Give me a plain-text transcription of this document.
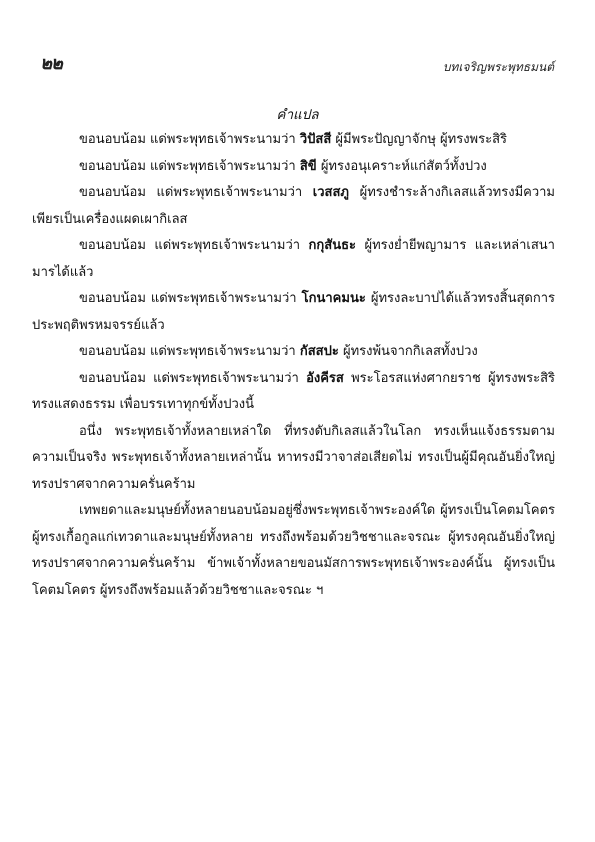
๒๒	บทเจริญพระพุทธมนต์
คำแปล

ขอนอบน้อม แด่พระพุทธเจ้าพระนามว่า วิปัสสี ผู้มีพระปัญญาจักษุ ผู้ทรงพระสิริ

ขอนอบน้อม แด่พระพุทธเจ้าพระนามว่า สิขี ผู้ทรงอนุเคราะห์แก่สัตว์ทั้งปวง

ขอนอบน้อม แด่พระพุทธเจ้าพระนามว่า เวสสภู ผู้ทรงชำระล้างกิเลสแล้วทรงมีความเพียรเป็นเครื่องแผดเผากิเลส

ขอนอบน้อม แด่พระพุทธเจ้าพระนามว่า กกุสันธะ ผู้ทรงย่ำยีพญามาร และเหล่าเสนามารได้แล้ว

ขอนอบน้อม แด่พระพุทธเจ้าพระนามว่า โกนาคมนะ ผู้ทรงละบาปได้แล้วทรงสิ้นสุดการประพฤติพรหมจรรย์แล้ว

ขอนอบน้อม แด่พระพุทธเจ้าพระนามว่า กัสสปะ ผู้ทรงพ้นจากกิเลสทั้งปวง

ขอนอบน้อม แด่พระพุทธเจ้าพระนามว่า อังคีรส พระโอรสแห่งศากยราช ผู้ทรงพระสิริ ทรงแสดงธรรม เพื่อบรรเทาทุกข์ทั้งปวงนี้

อนึ่ง พระพุทธเจ้าทั้งหลายเหล่าใด ที่ทรงดับกิเลสแล้วในโลก ทรงเห็นแจ้งธรรมตามความเป็นจริง พระพุทธเจ้าทั้งหลายเหล่านั้น หาทรงมีวาจาส่อเสียดไม่ ทรงเป็นผู้มีคุณอันยิ่งใหญ่ ทรงปราศจากความครั่นคร้าม

เทพยดาและมนุษย์ทั้งหลายนอบน้อมอยู่ซึ่งพระพุทธเจ้าพระองค์ใด ผู้ทรงเป็นโคตมโคตร ผู้ทรงเกื้อกูลแก่เทวดาและมนุษย์ทั้งหลาย ทรงถึงพร้อมด้วยวิชชาและจรณะ ผู้ทรงคุณอันยิ่งใหญ่ทรงปราศจากความครั่นคร้าม ข้าพเจ้าทั้งหลายขอนมัสการพระพุทธเจ้าพระองค์นั้น ผู้ทรงเป็นโคตมโคตร ผู้ทรงถึงพร้อมแล้วด้วยวิชชาและจรณะ ฯ
